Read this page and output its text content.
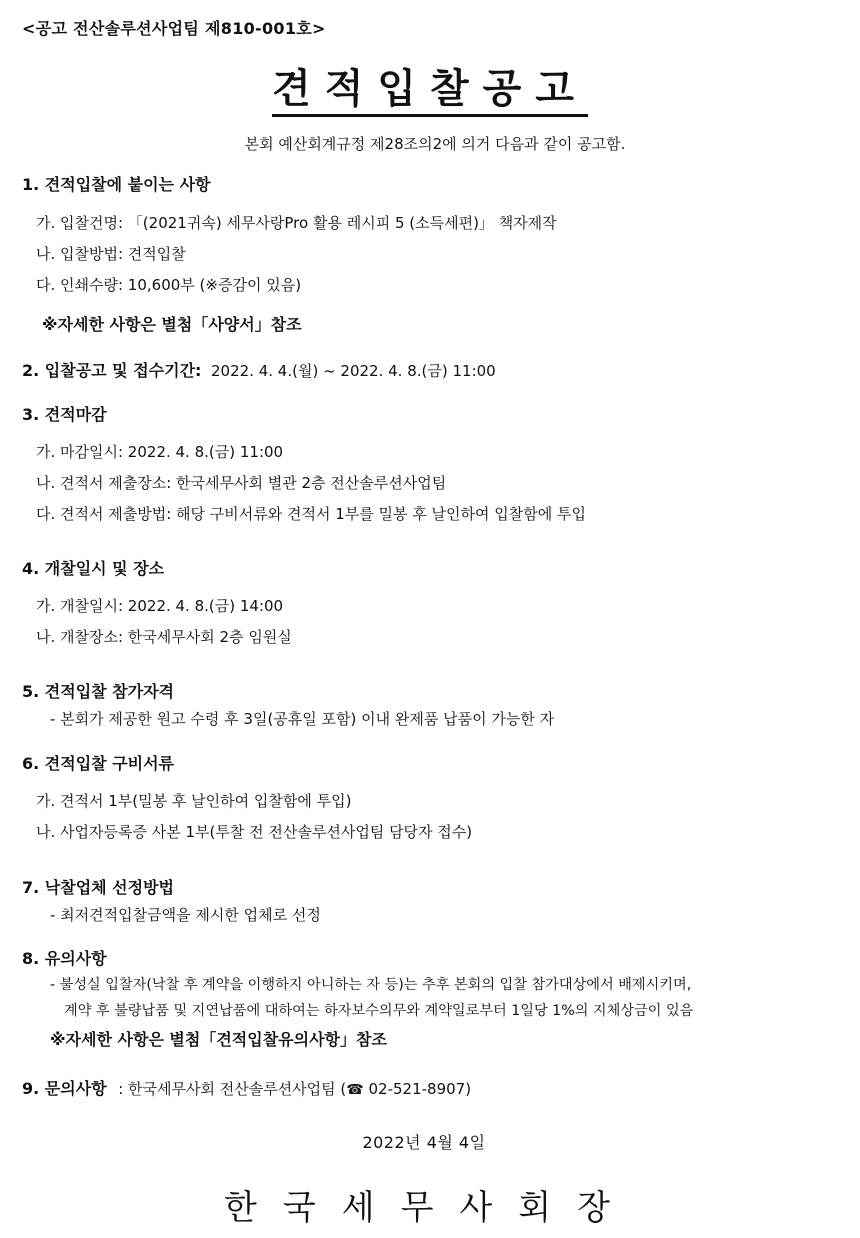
<공고 전산솔루션사업팀 제810-001호>
견적입찰공고
본회 예산회계규정 제28조의2에 의거 다음과 같이 공고함.
1. 견적입찰에 붙이는 사항
가. 입찰건명: 「(2021귀속) 세무사랑Pro 활용 레시피 5 (소득세편)」 책자제작
나. 입찰방법: 견적입찰
다. 인쇄수량: 10,600부 (※증감이 있음)
※자세한 사항은 별첨「사양서」참조
2. 입찰공고 및 접수기간: 2022. 4. 4.(월) ~ 2022. 4. 8.(금) 11:00
3. 견적마감
가. 마감일시: 2022. 4. 8.(금) 11:00
나. 견적서 제출장소: 한국세무사회 별관 2층 전산솔루션사업팀
다. 견적서 제출방법: 해당 구비서류와 견적서 1부를 밀봉 후 날인하여 입찰함에 투입
4. 개찰일시 및 장소
가. 개찰일시: 2022. 4. 8.(금) 14:00
나. 개찰장소: 한국세무사회 2층 임원실
5. 견적입찰 참가자격
- 본회가 제공한 원고 수령 후 3일(공휴일 포함) 이내 완제품 납품이 가능한 자
6. 견적입찰 구비서류
가. 견적서 1부(밀봉 후 날인하여 입찰함에 투입)
나. 사업자등록증 사본 1부(투찰 전 전산솔루션사업팀 담당자 접수)
7. 낙찰업체 선정방법
- 최저견적입찰금액을 제시한 업체로 선정
8. 유의사항
- 불성실 입찰자(낙찰 후 계약을 이행하지 아니하는 자 등)는 추후 본회의 입찰 참가대상에서 배제시키며,
계약 후 불량납품 및 지연납품에 대하여는 하자보수의무와 계약일로부터 1일당 1%의 지체상금이 있음
※자세한 사항은 별첨「견적입찰유의사항」참조
9. 문의사항 : 한국세무사회 전산솔루션사업팀 (☎ 02-521-8907)
2022년 4월 4일
한국세무사회장
